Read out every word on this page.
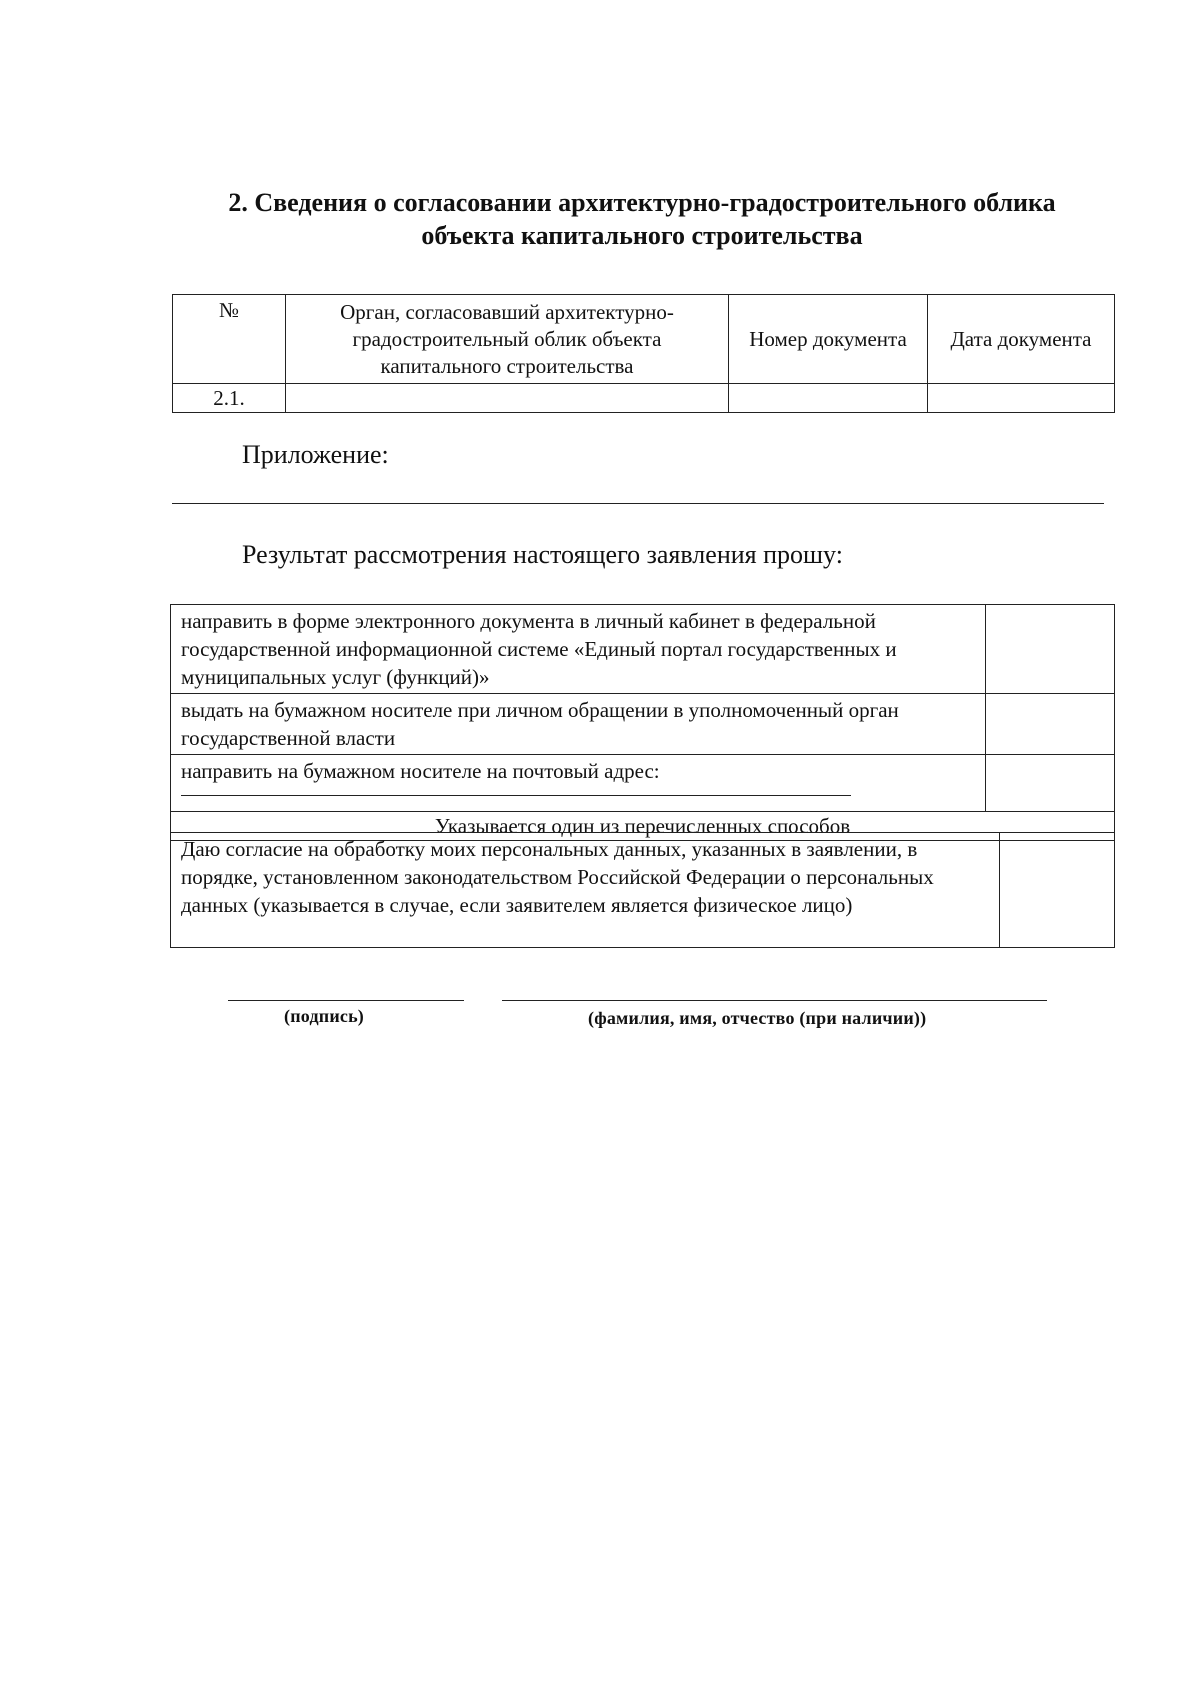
2. Сведения о согласовании архитектурно-градостроительного облика
объекта капитального строительства
№	Орган, согласовавший архитектурно-градостроительный облик объекта капитального строительства	Номер документа	Дата документа
2.1.			
Приложение:
Результат рассмотрения настоящего заявления прошу:
направить в форме электронного документа в личный кабинет в федеральной государственной информационной системе «Единый портал государственных и муниципальных услуг (функций)»	
выдать на бумажном носителе при личном обращении в уполномоченный орган государственной власти	

направить на бумажном носителе на почтовый адрес:	

Указывается один из перечисленных способов	
Даю согласие на обработку моих персональных данных, указанных в заявлении, в порядке, установленном законодательством Российской Федерации о персональных данных (указывается в случае, если заявителем является физическое лицо)	
(подпись)	(фамилия, имя, отчество (при наличии))
